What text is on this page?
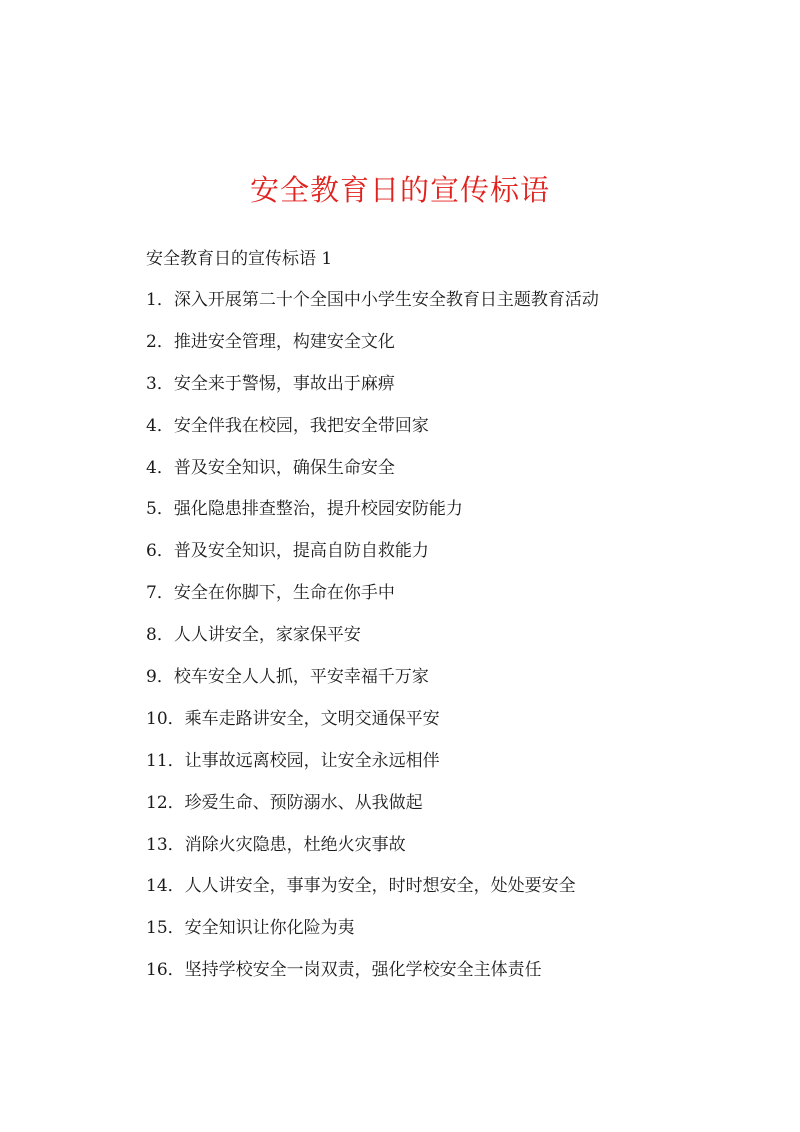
安全教育日的宣传标语
安全教育日的宣传标语 1
1．深入开展第二十个全国中小学生安全教育日主题教育活动
2．推进安全管理，构建安全文化
3．安全来于警惕，事故出于麻痹
4．安全伴我在校园，我把安全带回家
4．普及安全知识，确保生命安全
5．强化隐患排查整治，提升校园安防能力
6．普及安全知识，提高自防自救能力
7．安全在你脚下，生命在你手中
8．人人讲安全，家家保平安
9．校车安全人人抓，平安幸福千万家
10．乘车走路讲安全，文明交通保平安
11．让事故远离校园，让安全永远相伴
12．珍爱生命、预防溺水、从我做起
13．消除火灾隐患，杜绝火灾事故
14．人人讲安全，事事为安全，时时想安全，处处要安全
15．安全知识让你化险为夷
16．坚持学校安全一岗双责，强化学校安全主体责任
